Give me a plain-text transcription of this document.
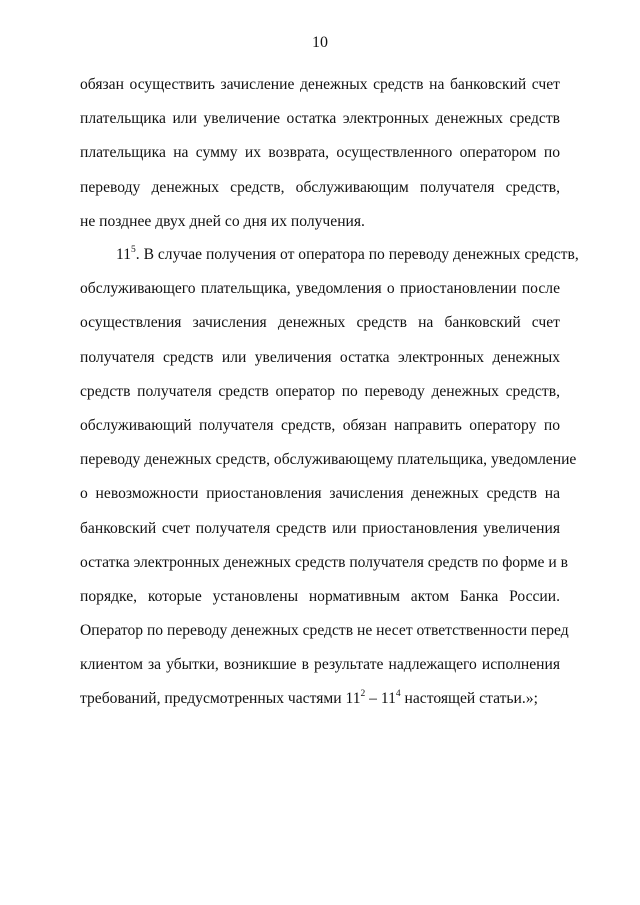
10
обязан осуществить зачисление денежных средств на банковский счет
плательщика или увеличение остатка электронных денежных средств
плательщика на сумму их возврата, осуществленного оператором по
переводу денежных средств, обслуживающим получателя средств,
не позднее двух дней со дня их получения.
$11^5$. В случае получения от оператора по переводу денежных средств,
обслуживающего плательщика, уведомления о приостановлении после
осуществления зачисления денежных средств на банковский счет
получателя средств или увеличения остатка электронных денежных
средств получателя средств оператор по переводу денежных средств,
обслуживающий получателя средств, обязан направить оператору по
переводу денежных средств, обслуживающему плательщика, уведомление
о невозможности приостановления зачисления денежных средств на
банковский счет получателя средств или приостановления увеличения
остатка электронных денежных средств получателя средств по форме и в
порядке, которые установлены нормативным актом Банка России.
Оператор по переводу денежных средств не несет ответственности перед
клиентом за убытки, возникшие в результате надлежащего исполнения
требований, предусмотренных частями $11^2 - 11^4$ настоящей статьи.»;
